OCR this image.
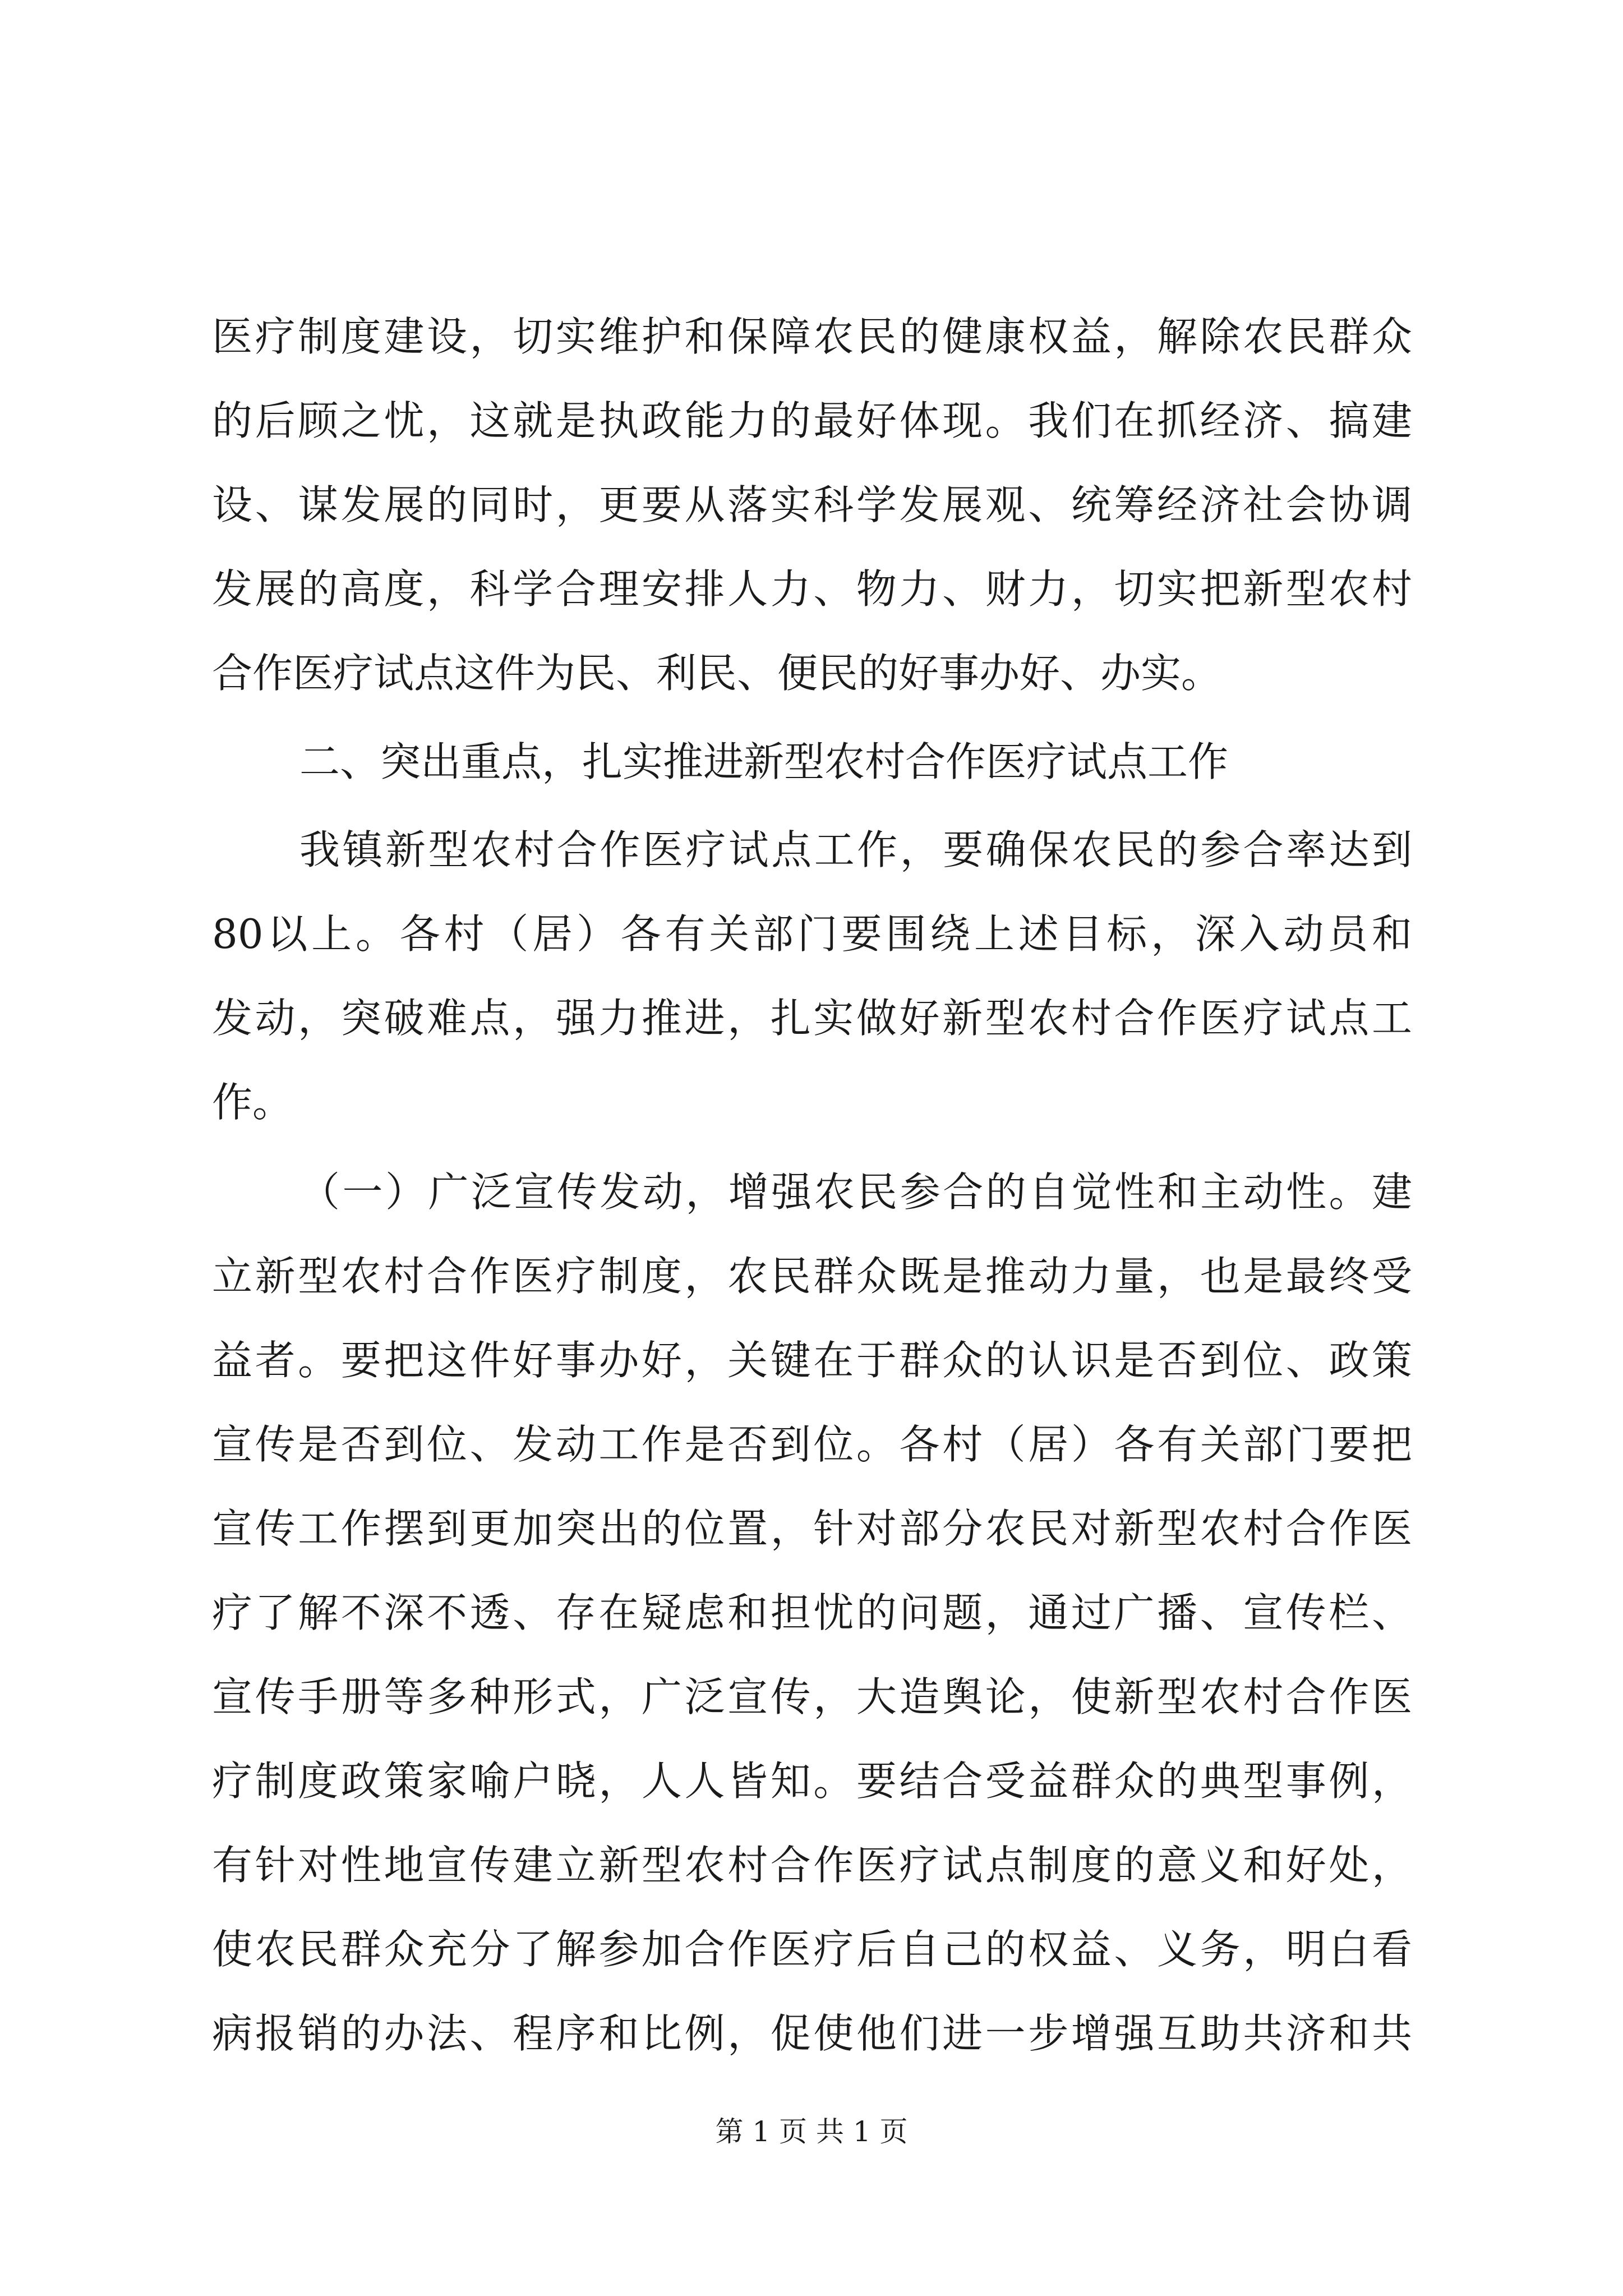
医疗制度建设，切实维护和保障农民的健康权益，解除农民群众
的后顾之忧，这就是执政能力的最好体现。我们在抓经济、搞建
设、谋发展的同时，更要从落实科学发展观、统筹经济社会协调
发展的高度，科学合理安排人力、物力、财力，切实把新型农村
合作医疗试点这件为民、利民、便民的好事办好、办实。
二、突出重点，扎实推进新型农村合作医疗试点工作
我镇新型农村合作医疗试点工作，要确保农民的参合率达到
80以上。各村（居）各有关部门要围绕上述目标，深入动员和
发动，突破难点，强力推进，扎实做好新型农村合作医疗试点工
作。
（一）广泛宣传发动，增强农民参合的自觉性和主动性。建
立新型农村合作医疗制度，农民群众既是推动力量，也是最终受
益者。要把这件好事办好，关键在于群众的认识是否到位、政策
宣传是否到位、发动工作是否到位。各村（居）各有关部门要把
宣传工作摆到更加突出的位置，针对部分农民对新型农村合作医
疗了解不深不透、存在疑虑和担忧的问题，通过广播、宣传栏、
宣传手册等多种形式，广泛宣传，大造舆论，使新型农村合作医
疗制度政策家喻户晓，人人皆知。要结合受益群众的典型事例，
有针对性地宣传建立新型农村合作医疗试点制度的意义和好处，
使农民群众充分了解参加合作医疗后自己的权益、义务，明白看
病报销的办法、程序和比例，促使他们进一步增强互助共济和共
第 1 页 共 1 页
